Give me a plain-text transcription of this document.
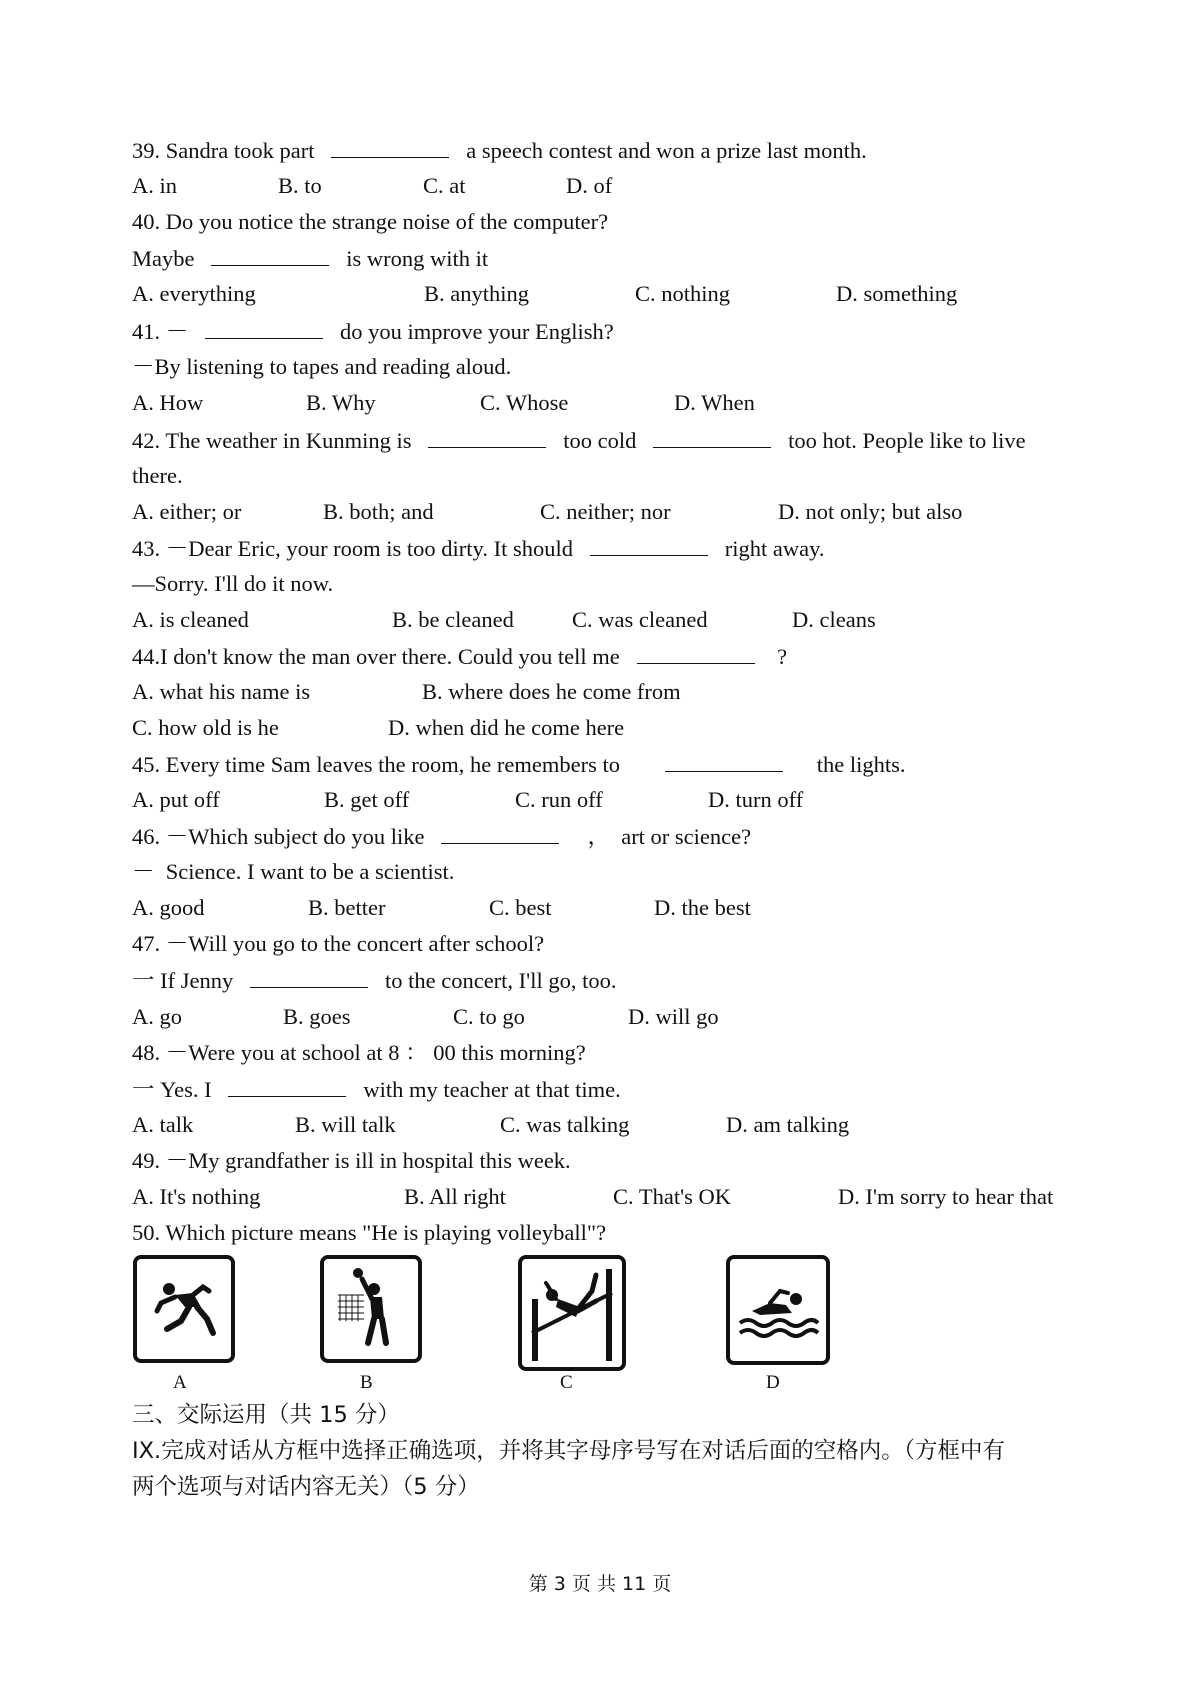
39. Sandra took part	a speech contest and won a prize last month.
A. in	B. to	C. at	D. of
40. Do you notice the strange noise of the computer?
Maybe	is wrong with it
A. everything	B. anything	C. nothing	D. something
41. －	do you improve your English?
－By listening to tapes and reading aloud.
A. How	B. Why	C. Whose	D. When
42. The weather in Kunming is	too cold	too hot. People like to live
there.
A. either; or	B. both; and	C. neither; nor	D. not only; but also
43. －Dear Eric, your room is too dirty. It should	right away.
—Sorry. I'll do it now.
A. is cleaned	B. be cleaned	C. was cleaned	D. cleans
44.I don't know the man over there. Could you tell me	?
A. what his name is	B. where does he come from
C. how old is he	D. when did he come here
45. Every time Sam leaves the room, he remembers to	the lights.
A. put off	B. get off	C. run off	D. turn off
46. －Which subject do you like	，  art or science?
－  Science. I want to be a scientist.
A. good	B. better	C. best	D. the best
47. －Will you go to the concert after school?
一 If Jenny	to the concert, I'll go, too.
A. go	B. goes	C. to go	D. will go
48. －Were you at school at 8 ： 00 this morning?
一 Yes. I	with my teacher at that time.
A. talk	B. will talk	C. was talking	D. am talking
49. －My grandfather is ill in hospital this week.
A. It's nothing	B. All right	C. That's OK	D. I'm sorry to hear that
50. Which picture means "He is playing volleyball"?
A	B	C	D
三、交际运用（共 15 分）
IX.完成对话从方框中选择正确选项，并将其字母序号写在对话后面的空格内。（方框中有
两个选项与对话内容无关）（5 分）
第 3 页 共 11 页
